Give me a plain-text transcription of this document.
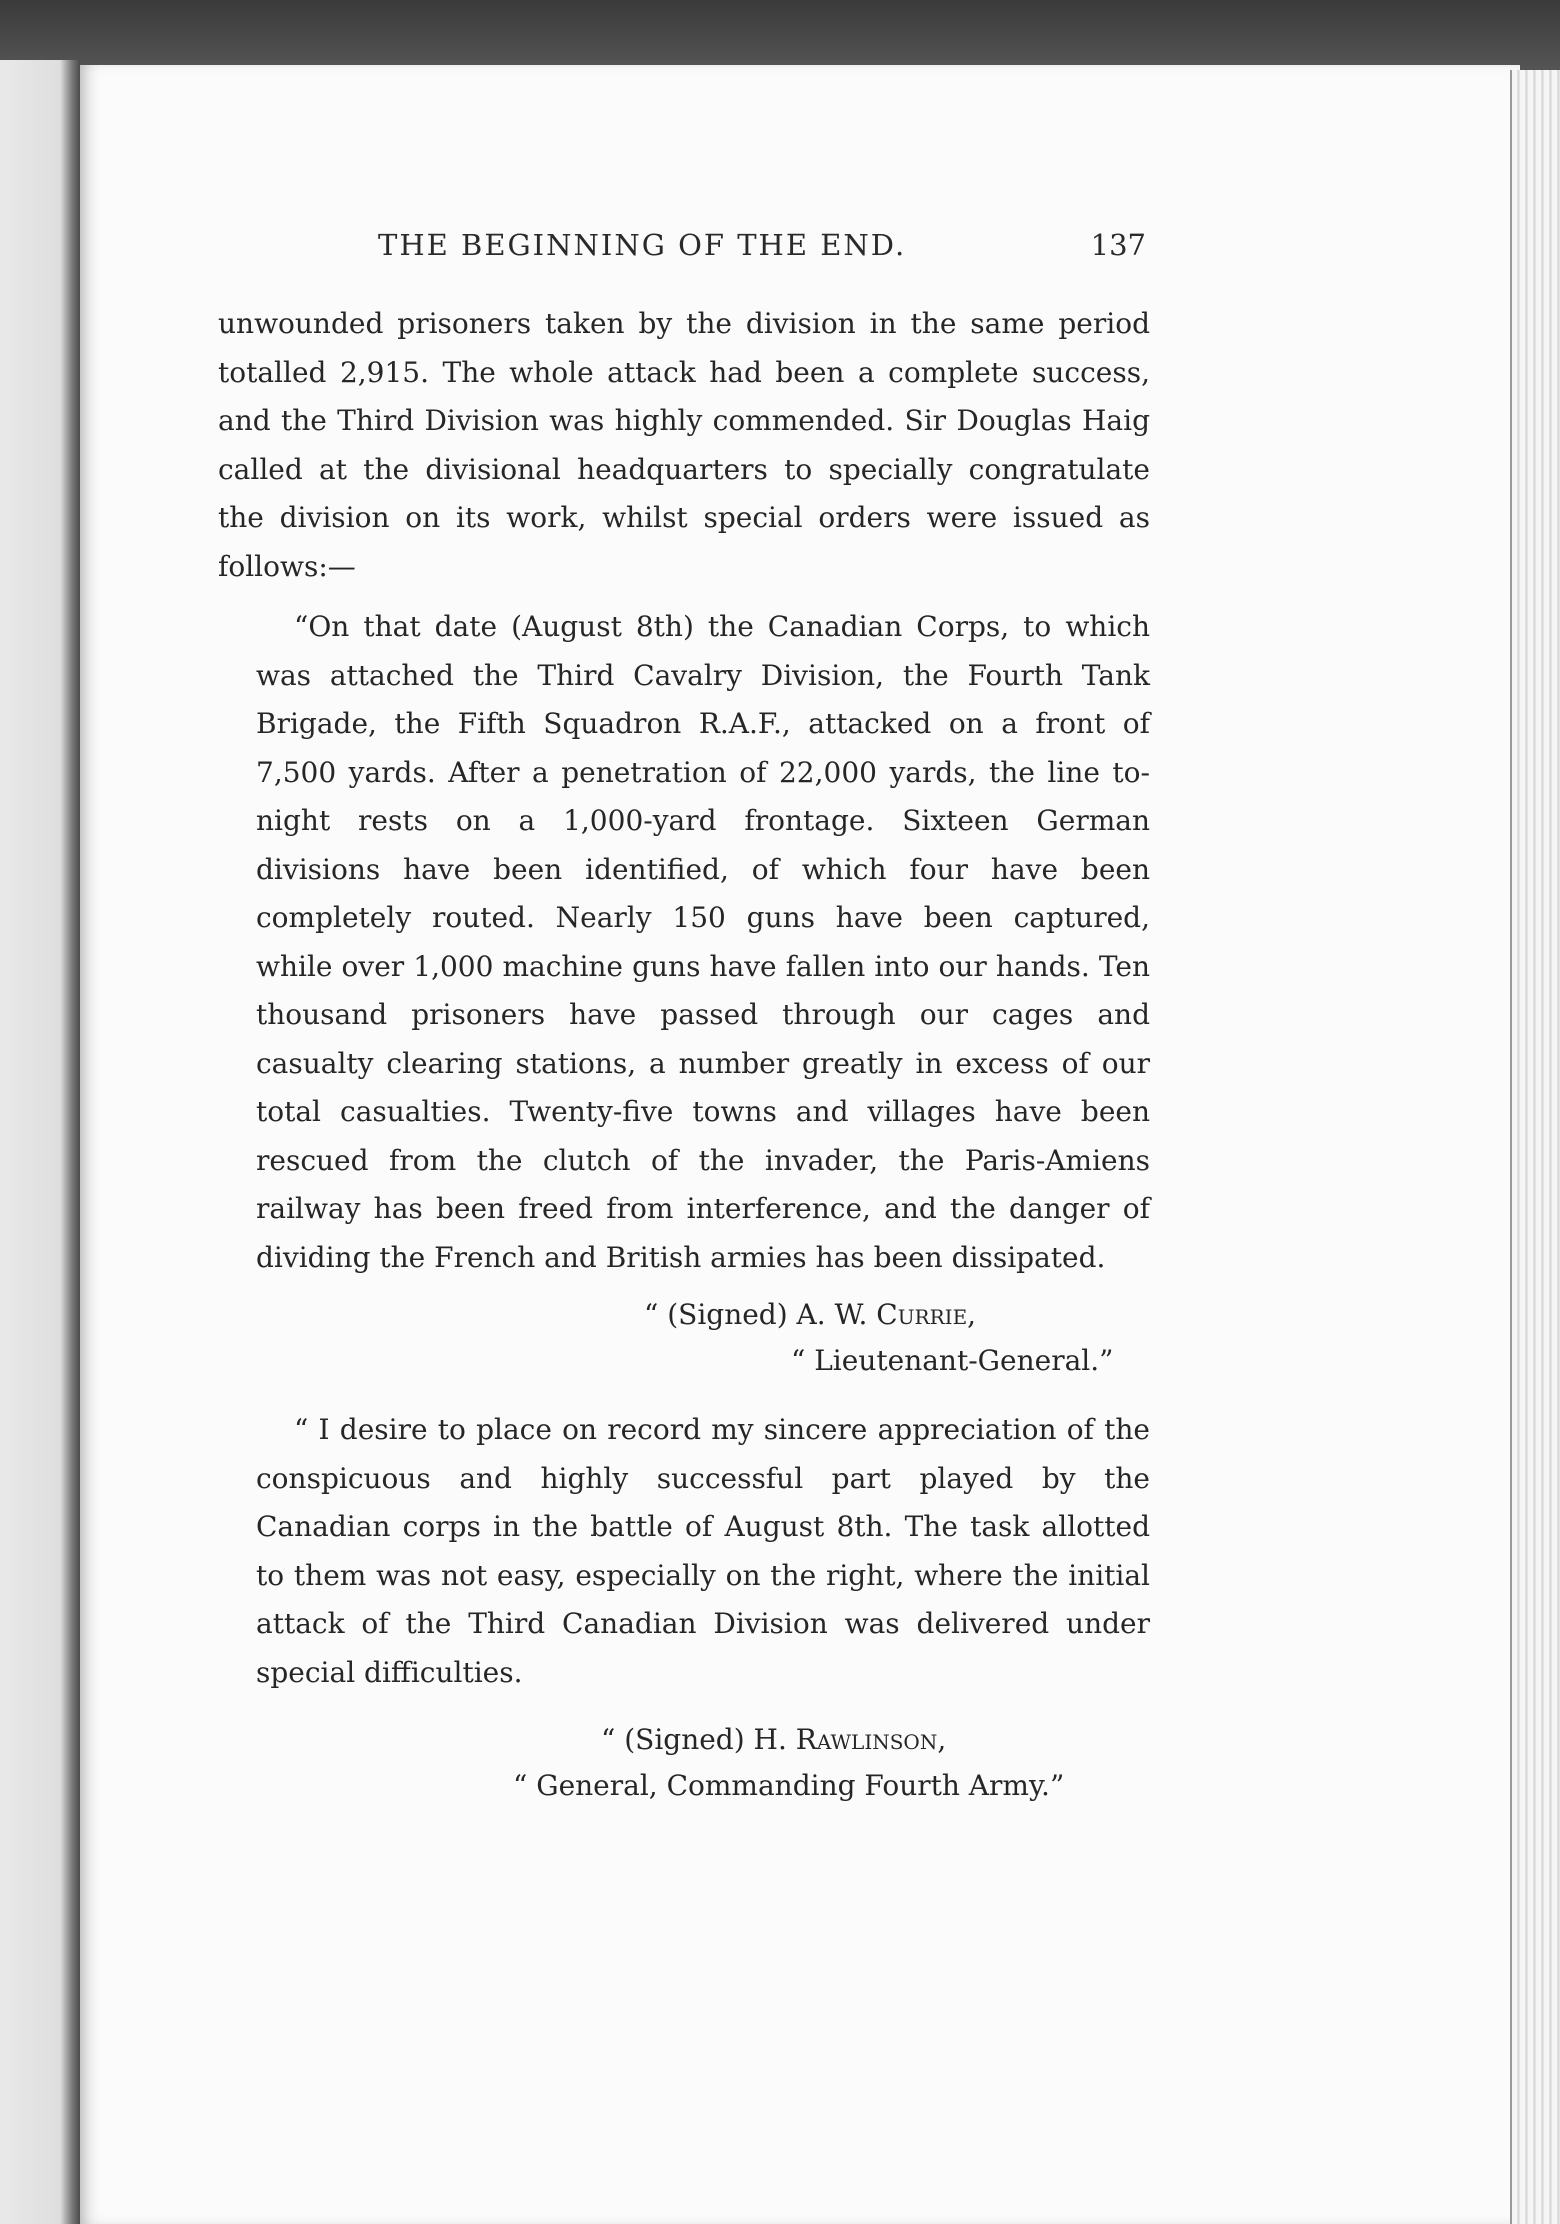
THE BEGINNING OF THE END.	137

unwounded prisoners taken by the division in the same period totalled 2,915. The whole attack had been a complete success, and the Third Division was highly commended. Sir Douglas Haig called at the divisional headquarters to specially congratulate the division on its work, whilst special orders were issued as follows:—

“On that date (August 8th) the Canadian Corps, to which was attached the Third Cavalry Division, the Fourth Tank Brigade, the Fifth Squadron R.A.F., attacked on a front of 7,500 yards. After a penetration of 22,000 yards, the line to-night rests on a 1,000-yard frontage. Sixteen German divisions have been identified, of which four have been completely routed. Nearly 150 guns have been captured, while over 1,000 machine guns have fallen into our hands. Ten thousand prisoners have passed through our cages and casualty clearing stations, a number greatly in excess of our total casualties. Twenty-five towns and villages have been rescued from the clutch of the invader, the Paris-Amiens railway has been freed from interference, and the danger of dividing the French and British armies has been dissipated.

“ (Signed) A. W. Currie,

“ Lieutenant-General.”

“ I desire to place on record my sincere appreciation of the conspicuous and highly successful part played by the Canadian corps in the battle of August 8th. The task allotted to them was not easy, especially on the right, where the initial attack of the Third Canadian Division was delivered under special difficulties.

“ (Signed) H. Rawlinson,

“ General, Commanding Fourth Army.”
